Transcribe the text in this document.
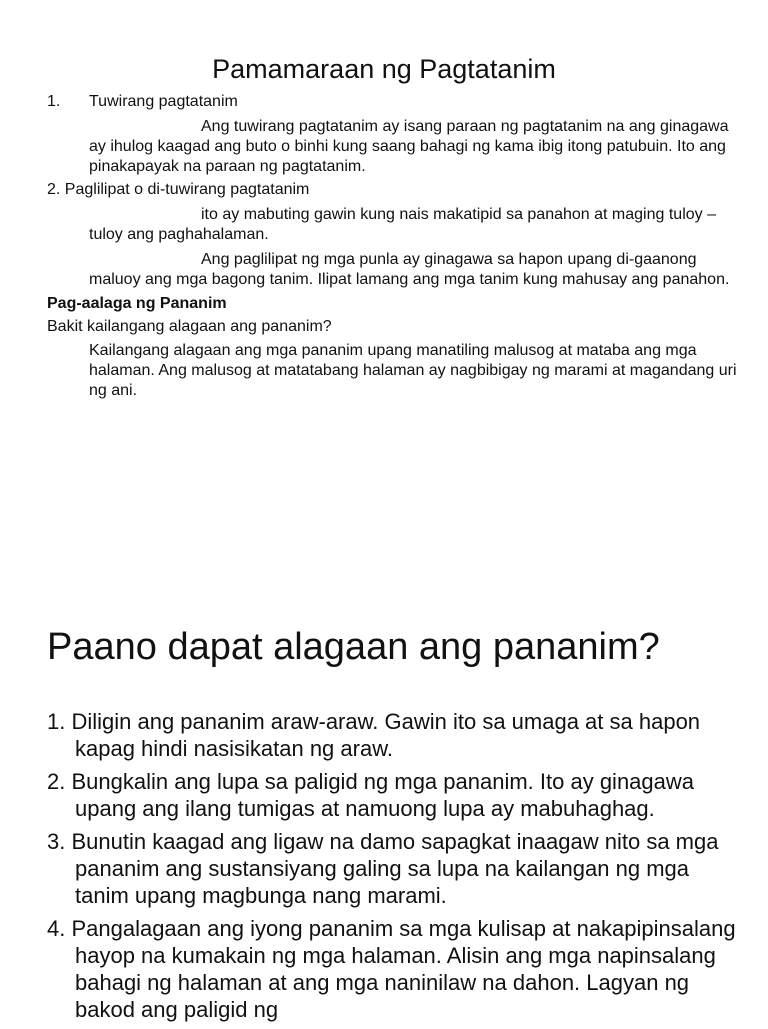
Pamamaraan ng Pagtatanim

1.	Tuwirang pagtatanim

Ang tuwirang pagtatanim ay isang paraan ng pagtatanim na ang ginagawa ay ihulog kaagad ang buto o binhi kung saang bahagi ng kama ibig itong patubuin. Ito ang pinakapayak na paraan ng pagtatanim.

2. Paglilipat o di-tuwirang pagtatanim

ito ay mabuting gawin kung nais makatipid sa panahon at maging tuloy –tuloy ang paghahalaman.

Ang paglilipat ng mga punla ay ginagawa sa hapon upang di-gaanong maluoy ang mga bagong tanim. Ilipat lamang ang mga tanim kung mahusay ang panahon.

Pag-aalaga ng Pananim

Bakit kailangang alagaan ang pananim?

Kailangang alagaan ang mga pananim upang manatiling malusog at mataba ang mga halaman. Ang malusog at matatabang halaman ay nagbibigay ng marami at magandang uri ng ani.

Paano dapat alagaan ang pananim?
1. Diligin ang pananim araw-araw. Gawin ito sa umaga at sa hapon kapag hindi nasisikatan ng araw.
2. Bungkalin ang lupa sa paligid ng mga pananim. Ito ay ginagawa upang ang ilang tumigas at namuong lupa ay mabuhaghag.
3. Bunutin kaagad ang ligaw na damo sapagkat inaagaw nito sa mga pananim ang sustansiyang galing sa lupa na kailangan ng mga tanim upang magbunga nang marami.
4. Pangalagaan ang iyong pananim sa mga kulisap at nakapipinsalang hayop na kumakain ng mga halaman. Alisin ang mga napinsalang bahagi ng halaman at ang mga naninilaw na dahon. Lagyan ng bakod ang paligid ng
